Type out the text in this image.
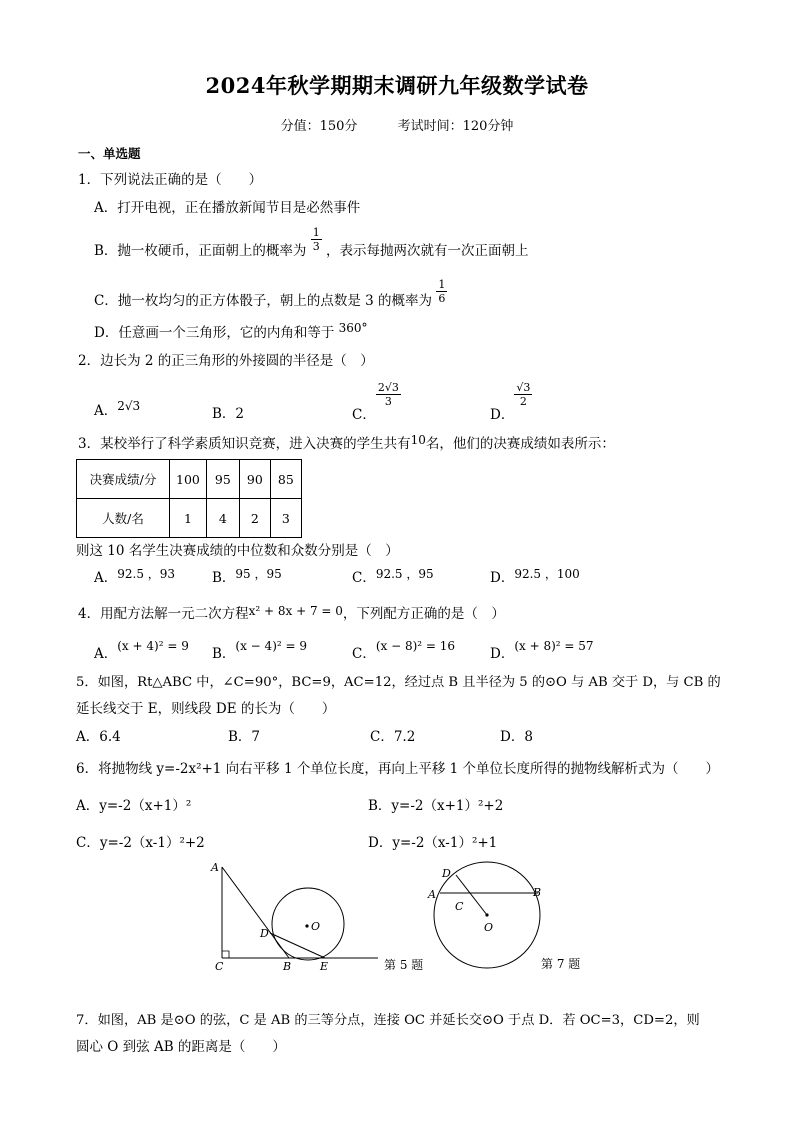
2024年秋学期期末调研九年级数学试卷
分值：150分	考试时间：120分钟
一、单选题
1．下列说法正确的是（　　）
A．打开电视，正在播放新闻节目是必然事件
B．抛一枚硬币，正面朝上的概率为 $\frac{1}{3}$ ，表示每抛两次就有一次正面朝上
C．抛一枚均匀的正方体骰子，朝上的点数是 3 的概率为 $\frac{1}{6}$
D．任意画一个三角形，它的内角和等于 360°
2．边长为 2 的正三角形的外接圆的半径是（　）
A．2√3	B．2	C．
$\frac{2√3}{3}$
D．
$\frac{√3}{2}$
3．某校举行了科学素质知识竞赛，进入决赛的学生共有10名，他们的决赛成绩如表所示：
决赛成绩/分	100	95	90	85
人数/名	1	4	2	3
则这 10 名学生决赛成绩的中位数和众数分别是（　）
A．92.5 ，93	B．95 ，95	C．92.5 ，95	D．92.5 ，100
4．用配方法解一元二次方程x² + 8x + 7 = 0，下列配方正确的是（　）
A．(x + 4)² = 9 B．(x − 4)² = 9	C．(x − 8)² = 16	D．(x + 8)² = 57
5．如图，Rt△ABC 中，∠C=90°，BC=9，AC=12，经过点 B 且半径为 5 的⊙O 与 AB 交于 D，与 CB 的
延长线交于 E，则线段 DE 的长为（　　）
A．6.4	B．7	C．7.2	D．8
6．将抛物线 y=-2x²+1 向右平移 1 个单位长度，再向上平移 1 个单位长度所得的抛物线解析式为（　　）
A．y=-2（x+1）²	B．y=-2（x+1）²+2
C．y=-2（x-1）²+2	D．y=-2（x-1）²+1
A
C	B	E
D
O
第 5 题
D
A	B
C
O
第 7 题
7．如图，AB 是⊙O 的弦，C 是 AB 的三等分点，连接 OC 并延长交⊙O 于点 D．若 OC=3，CD=2，则
圆心 O 到弦 AB 的距离是（　　）
